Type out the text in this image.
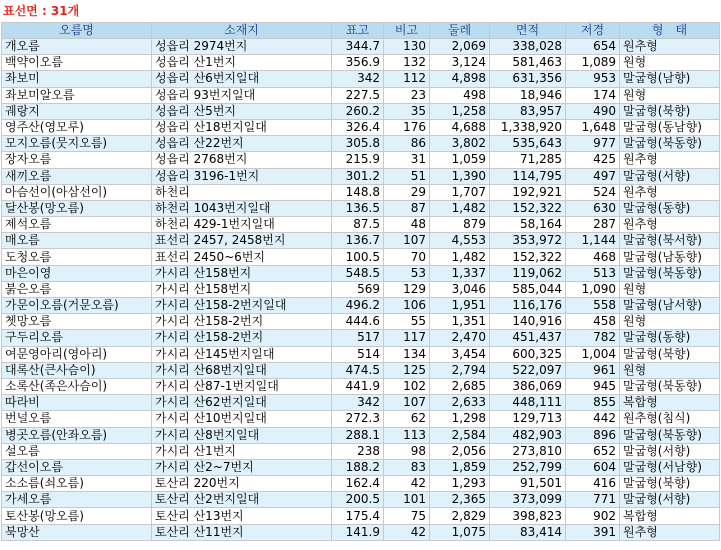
표선면 : 31개
오름명	소재지	표고	비고	둘레	면적	저경	형　태
개오름	성읍리 2974번지	344.7	130	2,069	338,028	654	원추형
백약이오름	성읍리 산1번지	356.9	132	3,124	581,463	1,089	원형
좌보미	성읍리 산6번지일대	342	112	4,898	631,356	953	말굽형(남향)
좌보미알오름	성읍리 93번지일대	227.5	23	498	18,946	174	원형
궤랑지	성읍리 산5번지	260.2	35	1,258	83,957	490	말굽형(북향)
영주산(영모루)	성읍리 산18번지일대	326.4	176	4,688	1,338,920	1,648	말굽형(동남향)
모지오름(뭇지오름)	성읍리 산22번지	305.8	86	3,802	535,643	977	말굽형(북동향)
장자오름	성읍리 2768번지	215.9	31	1,059	71,285	425	원추형
새끼오름	성읍리 3196-1번지	301.2	51	1,390	114,795	497	말굽형(서향)
아슴선이(아삼선이)	하천리	148.8	29	1,707	192,921	524	원추형
달산봉(망오름)	하천리 1043번지일대	136.5	87	1,482	152,322	630	말굽형(동향)
제석오름	하천리 429-1번지일대	87.5	48	879	58,164	287	원추형
매오름	표선리 2457, 2458번지	136.7	107	4,553	353,972	1,144	말굽형(북서향)
도청오름	표선리 2450~6번지	100.5	70	1,482	152,322	468	말굽형(남동향)
마은이영	가시리 산158번지	548.5	53	1,337	119,062	513	말굽형(북동향)
붉은오름	가시리 산158번지	569	129	3,046	585,044	1,090	원형
가문이오름(거문오름)	가시리 산158-2번지일대	496.2	106	1,951	116,176	558	말굽형(남서향)
쳇망오름	가시리 산158-2번지	444.6	55	1,351	140,916	458	원형
구두리오름	가시리 산158-2번지	517	117	2,470	451,437	782	말굽형(동향)
여문영아리(영아리)	가시리 산145번지일대	514	134	3,454	600,325	1,004	말굽형(북향)
대록산(큰사슴이)	가시리 산68번지일대	474.5	125	2,794	522,097	961	원형
소록산(족은사슴이)	가시리 산87-1번지일대	441.9	102	2,685	386,069	945	말굽형(북동향)
따라비	가시리 산62번지일대	342	107	2,633	448,111	855	복합형
번널오름	가시리 산10번지일대	272.3	62	1,298	129,713	442	원추형(침식)
병곳오름(안좌오름)	가시리 산8번지일대	288.1	113	2,584	482,903	896	말굽형(북동향)
설오름	가시리 산1번지	238	98	2,056	273,810	652	말굽형(서향)
갑선이오름	가시리 산2~7번지	188.2	83	1,859	252,799	604	말굽형(서남향)
소소름(쇠오름)	토산리 220번지	162.4	42	1,293	91,501	416	말굽형(북향)
가세오름	토산리 산2번지일대	200.5	101	2,365	373,099	771	말굽형(서향)
토산봉(망오름)	토산리 산13번지	175.4	75	2,829	398,823	902	복합형
북망산	토산리 산11번지	141.9	42	1,075	83,414	391	원추형
